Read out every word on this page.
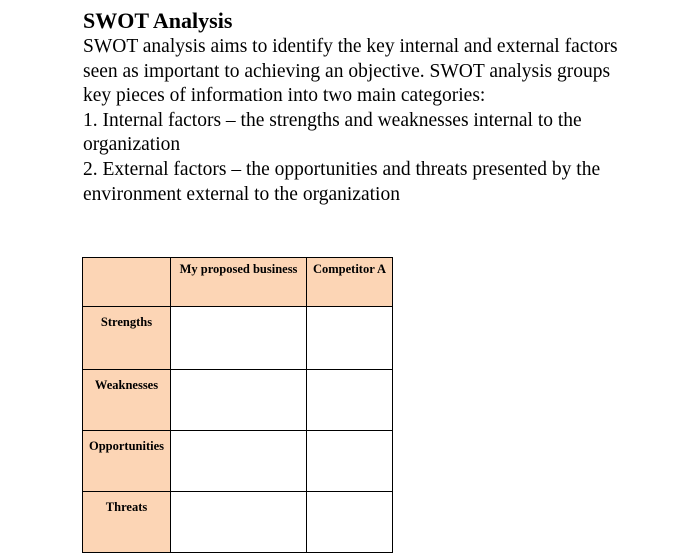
SWOT Analysis

SWOT analysis aims to identify the key internal and external factors seen as important to achieving an objective. SWOT analysis groups key pieces of information into two main categories:

1. Internal factors – the strengths and weaknesses internal to the organization

2. External factors – the opportunities and threats presented by the environment external to the organization

	My proposed business	Competitor A
Strengths		
Weaknesses		
Opportunities		
Threats		
